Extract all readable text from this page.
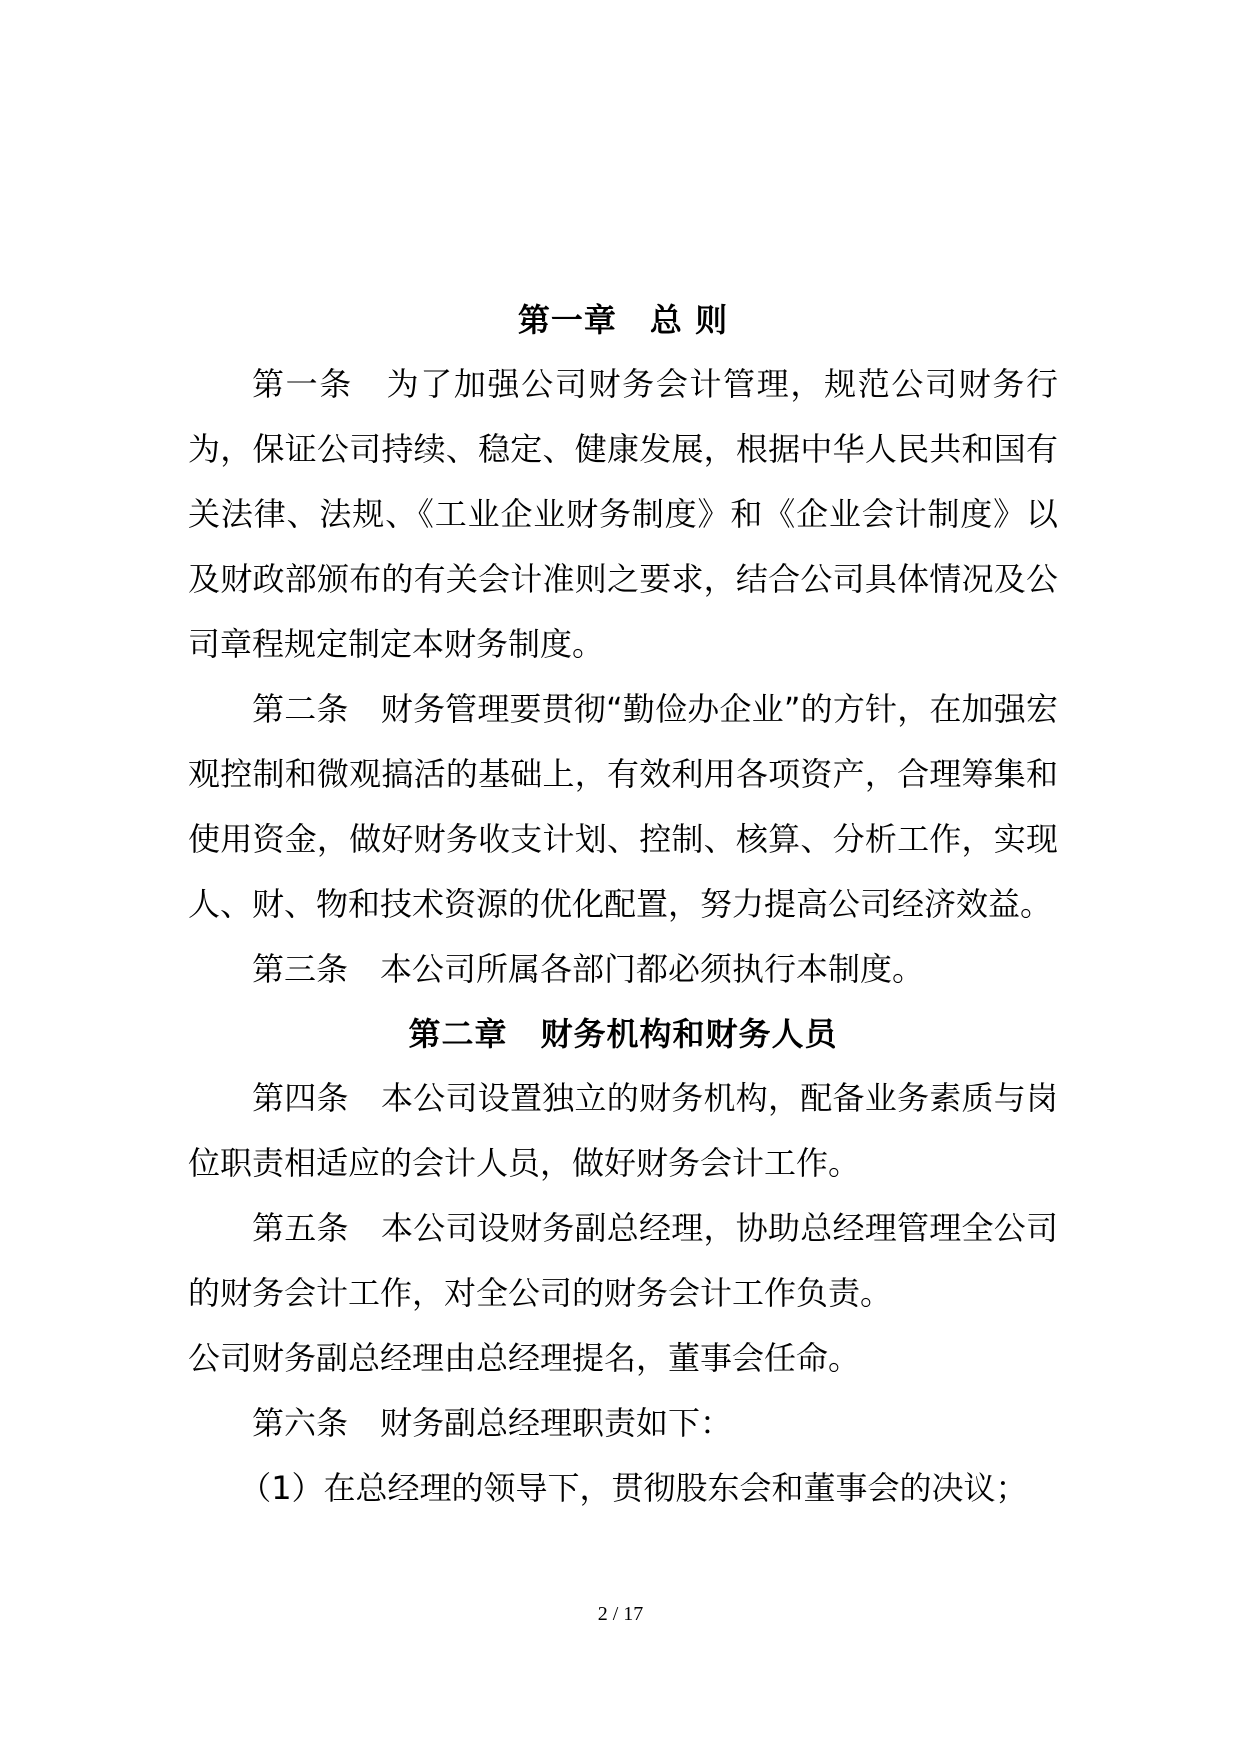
第一章　总 则

第一条　为了加强公司财务会计管理，规范公司财务行为，保证公司持续、稳定、健康发展，根据中华人民共和国有关法律、法规、《工业企业财务制度》和《企业会计制度》以及财政部颁布的有关会计准则之要求，结合公司具体情况及公司章程规定制定本财务制度。

第二条　财务管理要贯彻“勤俭办企业”的方针，在加强宏观控制和微观搞活的基础上，有效利用各项资产，合理筹集和使用资金，做好财务收支计划、控制、核算、分析工作，实现人、财、物和技术资源的优化配置，努力提高公司经济效益。

第三条　本公司所属各部门都必须执行本制度。

第二章　财务机构和财务人员

第四条　本公司设置独立的财务机构，配备业务素质与岗位职责相适应的会计人员，做好财务会计工作。

第五条　本公司设财务副总经理，协助总经理管理全公司的财务会计工作，对全公司的财务会计工作负责。

公司财务副总经理由总经理提名，董事会任命。

第六条　财务副总经理职责如下：

（1）在总经理的领导下，贯彻股东会和董事会的决议；

2 / 17
